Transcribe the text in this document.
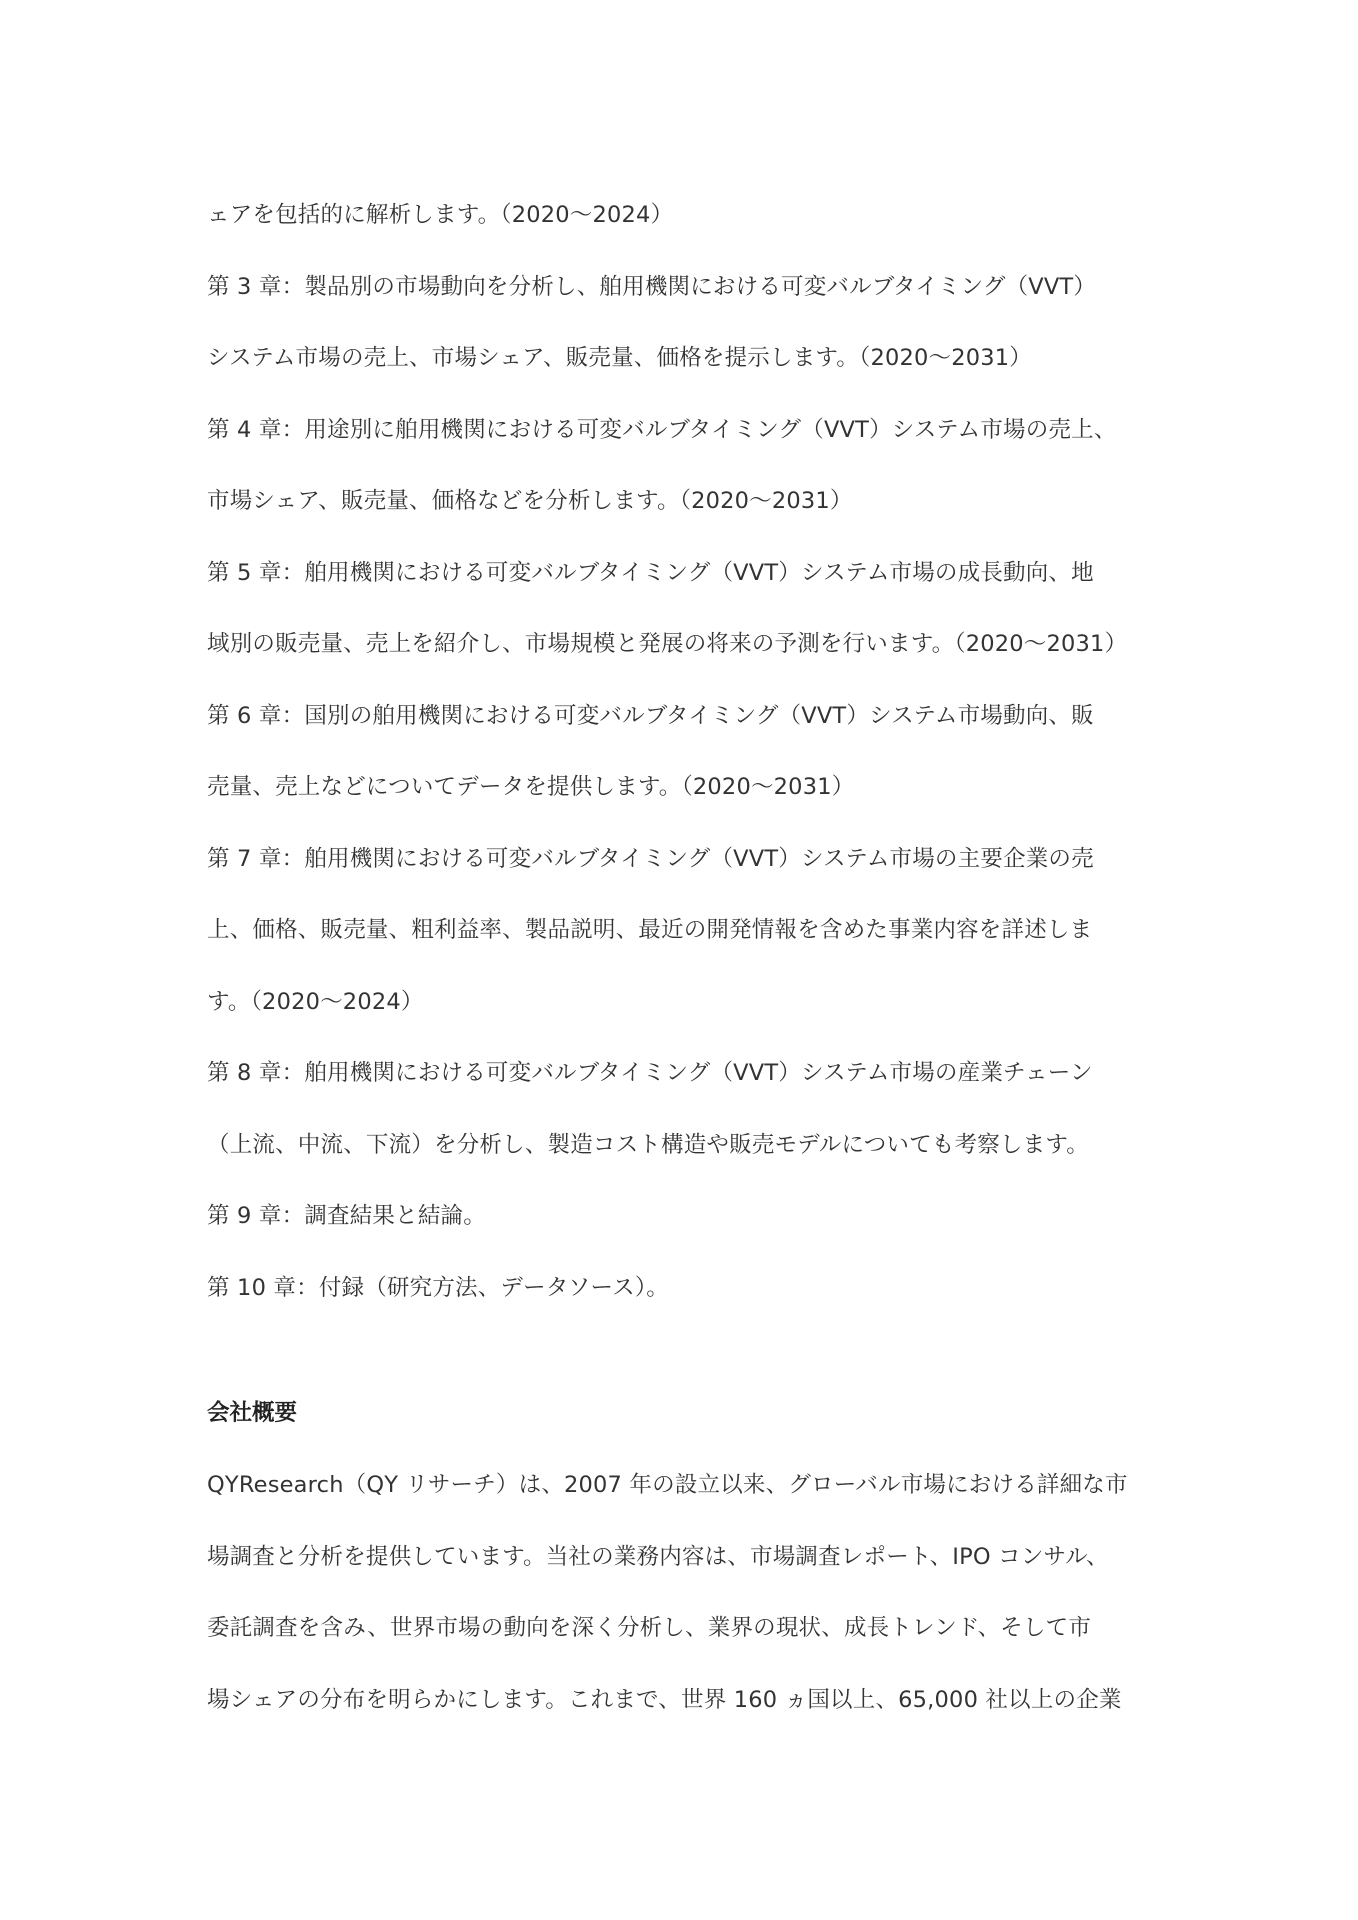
ェアを包括的に解析します。（2020～2024）
第 3 章：製品別の市場動向を分析し、舶用機関における可変バルブタイミング（VVT）
システム市場の売上、市場シェア、販売量、価格を提示します。（2020～2031）
第 4 章：用途別に舶用機関における可変バルブタイミング（VVT）システム市場の売上、
市場シェア、販売量、価格などを分析します。（2020～2031）
第 5 章：舶用機関における可変バルブタイミング（VVT）システム市場の成長動向、地
域別の販売量、売上を紹介し、市場規模と発展の将来の予測を行います。（2020～2031）
第 6 章：国別の舶用機関における可変バルブタイミング（VVT）システム市場動向、販
売量、売上などについてデータを提供します。（2020～2031）
第 7 章：舶用機関における可変バルブタイミング（VVT）システム市場の主要企業の売
上、価格、販売量、粗利益率、製品説明、最近の開発情報を含めた事業内容を詳述しま
す。（2020～2024）
第 8 章：舶用機関における可変バルブタイミング（VVT）システム市場の産業チェーン
（上流、中流、下流）を分析し、製造コスト構造や販売モデルについても考察します。
第 9 章：調査結果と結論。
第 10 章：付録（研究方法、データソース）。
会社概要
QYResearch（QY リサーチ）は、2007 年の設立以来、グローバル市場における詳細な市
場調査と分析を提供しています。当社の業務内容は、市場調査レポート、IPO コンサル、
委託調査を含み、世界市場の動向を深く分析し、業界の現状、成長トレンド、そして市
場シェアの分布を明らかにします。これまで、世界 160 ヵ国以上、65,000 社以上の企業
